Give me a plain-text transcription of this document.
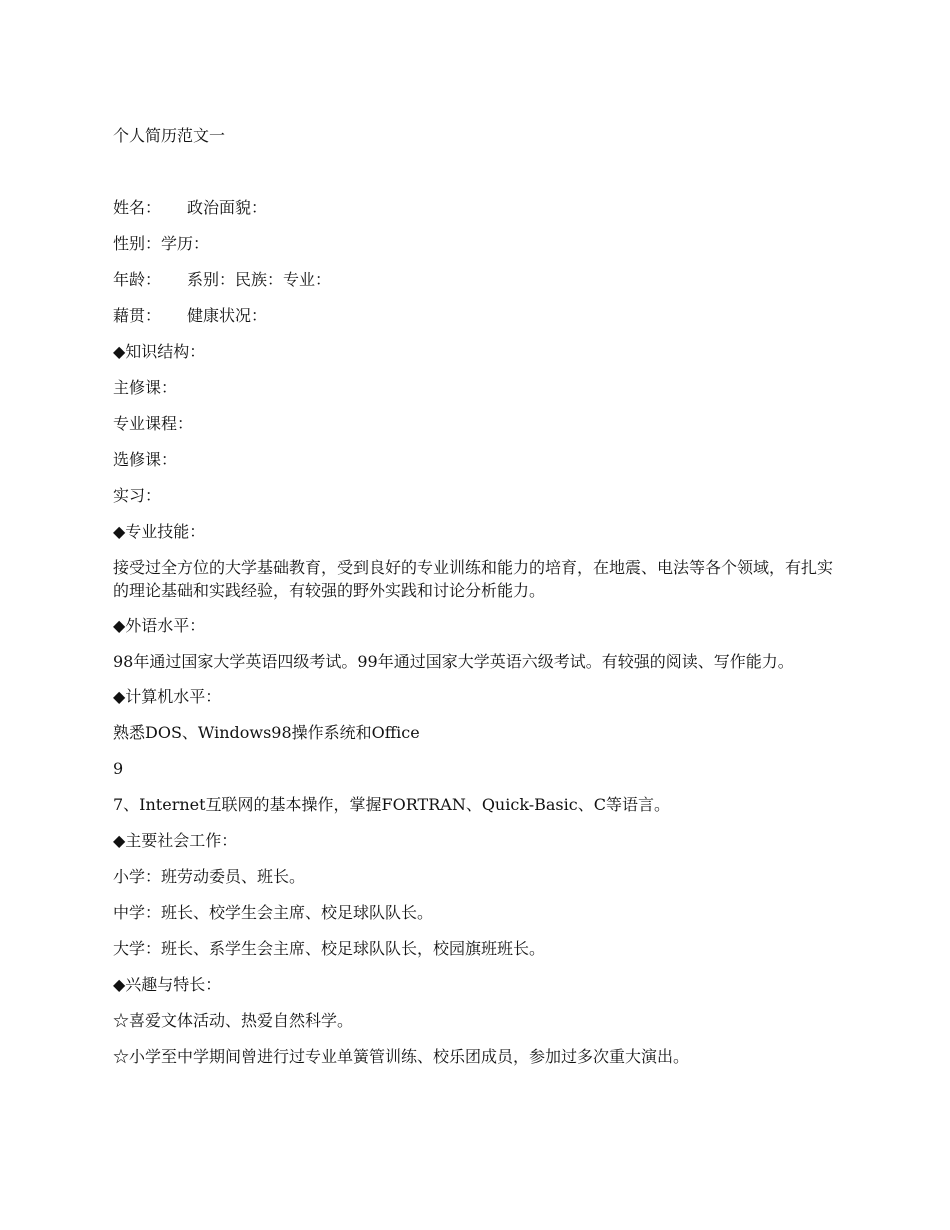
个人简历范文一
姓名： 政治面貌：
性别：学历：
年龄： 系别：民族：专业：
藉贯： 健康状况：
◆知识结构：
主修课：
专业课程：
选修课：
实习：
◆专业技能：
接受过全方位的大学基础教育，受到良好的专业训练和能力的培育，在地震、电法等各个领域，有扎实的理论基础和实践经验，有较强的野外实践和讨论分析能力。
◆外语水平：
98年通过国家大学英语四级考试。99年通过国家大学英语六级考试。有较强的阅读、写作能力。
◆计算机水平：
熟悉DOS、Windows98操作系统和Office
9
7、Internet互联网的基本操作，掌握FORTRAN、Quick-Basic、C等语言。
◆主要社会工作：
小学：班劳动委员、班长。
中学：班长、校学生会主席、校足球队队长。
大学：班长、系学生会主席、校足球队队长，校园旗班班长。
◆兴趣与特长：
☆喜爱文体活动、热爱自然科学。
☆小学至中学期间曾进行过专业单簧管训练、校乐团成员，参加过多次重大演出。
